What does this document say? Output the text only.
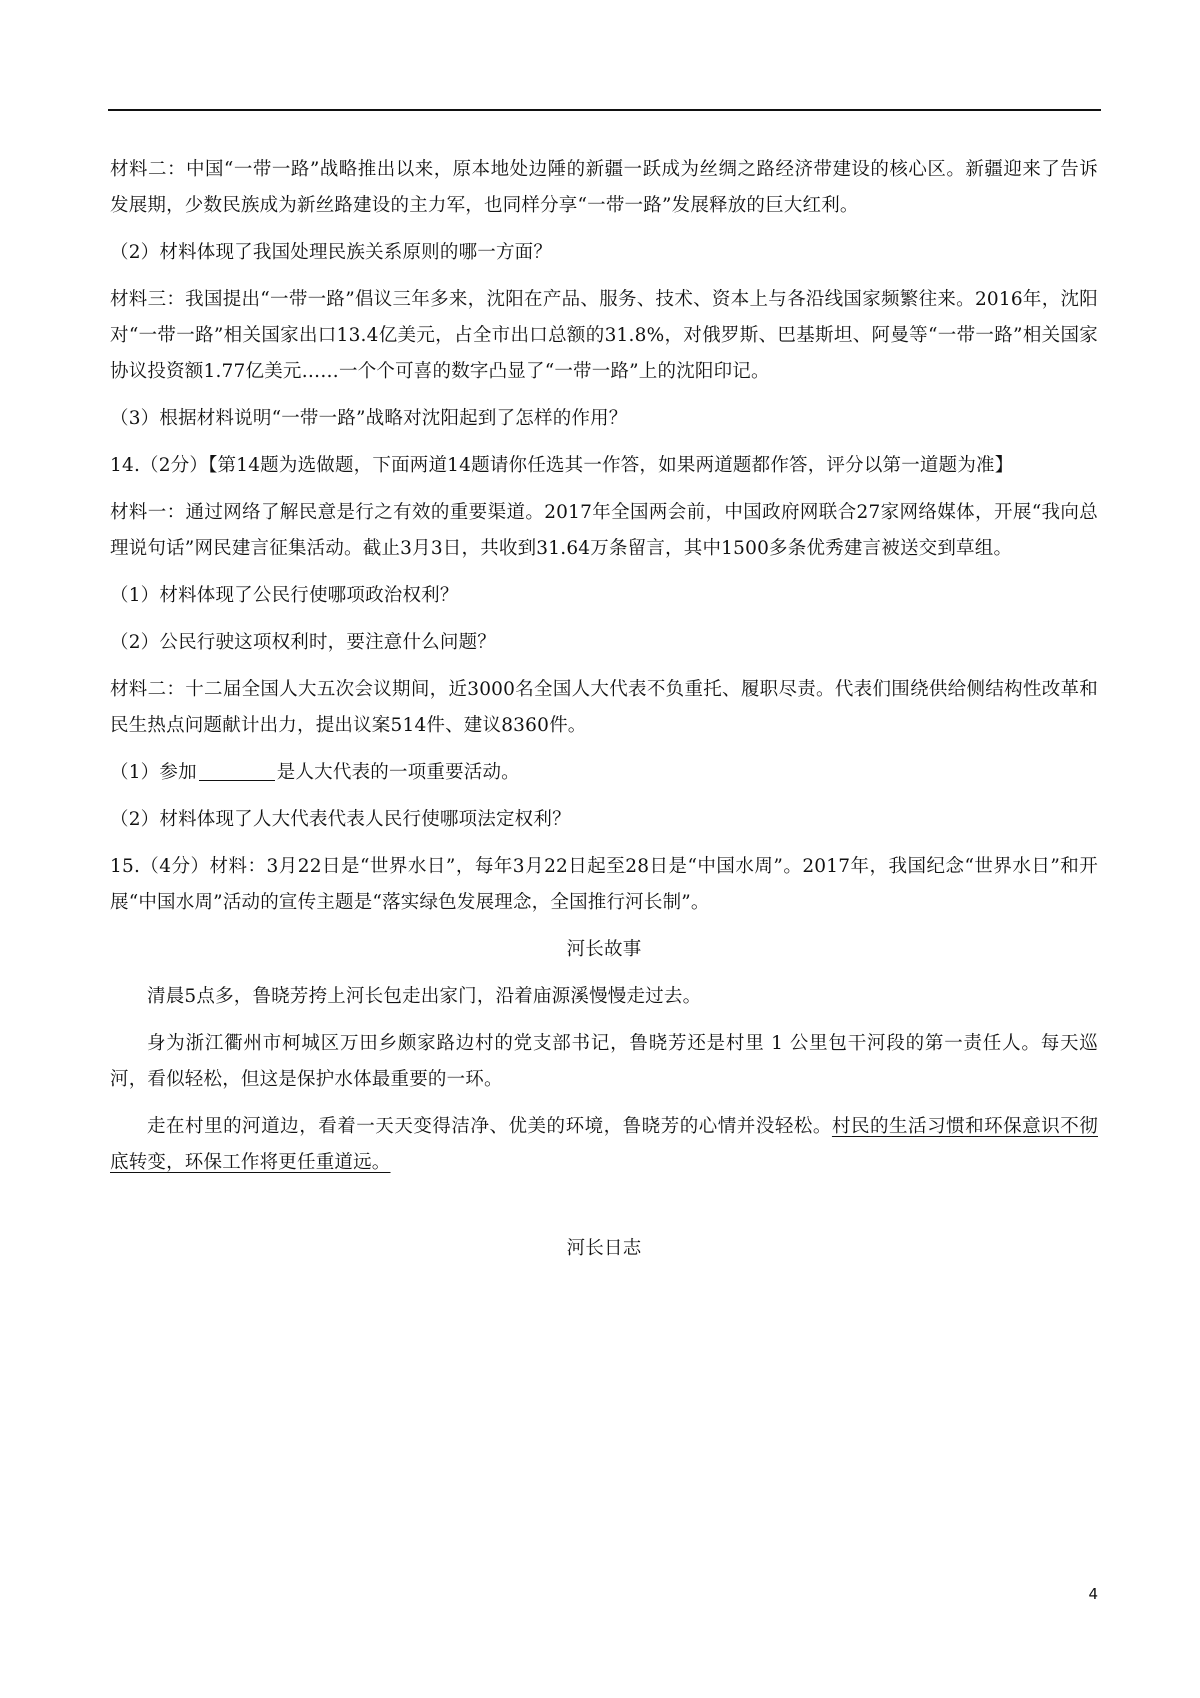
材料二：中国“一带一路”战略推出以来，原本地处边陲的新疆一跃成为丝绸之路经济带建设的核心区。新疆迎来了告诉发展期，少数民族成为新丝路建设的主力军，也同样分享“一带一路”发展释放的巨大红利。

（2）材料体现了我国处理民族关系原则的哪一方面？

材料三：我国提出“一带一路”倡议三年多来，沈阳在产品、服务、技术、资本上与各沿线国家频繁往来。2016年，沈阳对“一带一路”相关国家出口13.4亿美元，占全市出口总额的31.8%，对俄罗斯、巴基斯坦、阿曼等“一带一路”相关国家协议投资额1.77亿美元……一个个可喜的数字凸显了“一带一路”上的沈阳印记。

（3）根据材料说明“一带一路”战略对沈阳起到了怎样的作用？

14.（2分）【第14题为选做题，下面两道14题请你任选其一作答，如果两道题都作答，评分以第一道题为准】

材料一：通过网络了解民意是行之有效的重要渠道。2017年全国两会前，中国政府网联合27家网络媒体，开展“我向总理说句话”网民建言征集活动。截止3月3日，共收到31.64万条留言，其中1500多条优秀建言被送交到草组。

（1）材料体现了公民行使哪项政治权利？

（2）公民行驶这项权利时，要注意什么问题？

材料二：十二届全国人大五次会议期间，近3000名全国人大代表不负重托、履职尽责。代表们围绕供给侧结构性改革和民生热点问题献计出力，提出议案514件、建议8360件。

（1）参加	是人大代表的一项重要活动。

（2）材料体现了人大代表代表人民行使哪项法定权利？

15.（4分）材料：3月22日是“世界水日”，每年3月22日起至28日是“中国水周”。2017年，我国纪念“世界水日”和开展“中国水周”活动的宣传主题是“落实绿色发展理念，全国推行河长制”。

河长故事

清晨5点多，鲁晓芳挎上河长包走出家门，沿着庙源溪慢慢走过去。

身为浙江衢州市柯城区万田乡颇家路边村的党支部书记，鲁晓芳还是村里 1 公里包干河段的第一责任人。每天巡河，看似轻松，但这是保护水体最重要的一环。

走在村里的河道边，看着一天天变得洁净、优美的环境，鲁晓芳的心情并没轻松。村民的生活习惯和环保意识不彻底转变，环保工作将更任重道远。

河长日志

4
